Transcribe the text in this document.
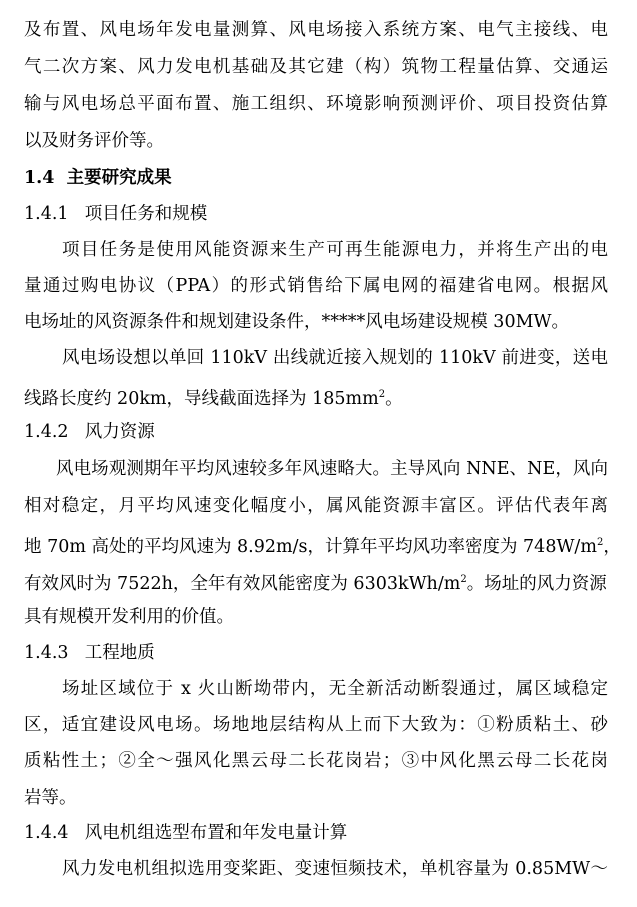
及布置、风电场年发电量测算、风电场接入系统方案、电气主接线、电
气二次方案、风力发电机基础及其它建（构）筑物工程量估算、交通运
输与风电场总平面布置、施工组织、环境影响预测评价、项目投资估算
以及财务评价等。
1.4 主要研究成果
1.4.1 项目任务和规模
项目任务是使用风能资源来生产可再生能源电力，并将生产出的电
量通过购电协议（PPA）的形式销售给下属电网的福建省电网。根据风
电场址的风资源条件和规划建设条件，*****风电场建设规模 30MW。
风电场设想以单回 110kV 出线就近接入规划的 110kV 前进变，送电
线路长度约 20km，导线截面选择为 $185mm^2$。
1.4.2 风力资源
风电场观测期年平均风速较多年风速略大。主导风向 NNE、NE，风向
相对稳定，月平均风速变化幅度小，属风能资源丰富区。评估代表年离
地 70m 高处的平均风速为 8.92m/s，计算年平均风功率密度为 $748W/m^2$，
有效风时为 7522h，全年有效风能密度为 $6303kWh/m^2$。场址的风力资源
具有规模开发利用的价值。
1.4.3 工程地质
场址区域位于 x 火山断坳带内，无全新活动断裂通过，属区域稳定
区，适宜建设风电场。场地地层结构从上而下大致为：①粉质粘土、砂
质粘性土；②全～强风化黑云母二长花岗岩；③中风化黑云母二长花岗
岩等。
1.4.4 风电机组选型布置和年发电量计算
风力发电机组拟选用变桨距、变速恒频技术，单机容量为 0.85MW～
